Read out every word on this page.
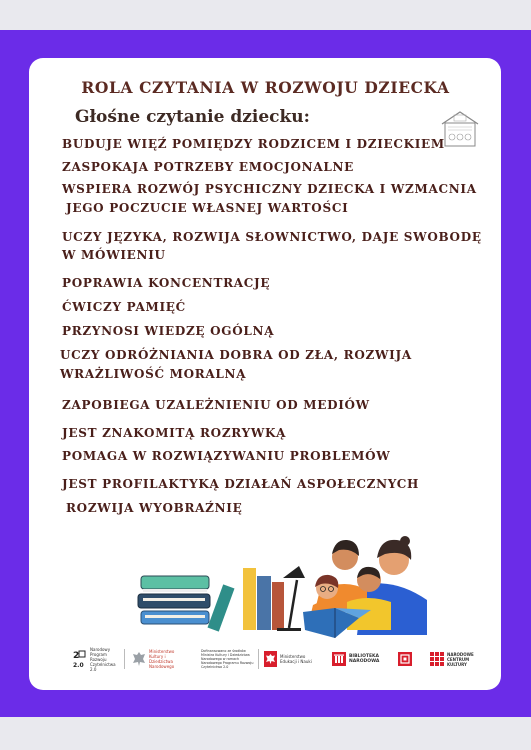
ROLA CZYTANIA W ROZWOJU DZIECKA
Głośne czytanie dziecku:
BUDUJE WIĘŹ POMIĘDZY RODZICEM I DZIECKIEM
ZASPOKAJA POTRZEBY EMOCJONALNE
WSPIERA ROZWÓJ PSYCHICZNY DZIECKA I WZMACNIA
JEGO POCZUCIE WŁASNEJ WARTOŚCI
UCZY JĘZYKA, ROZWIJA SŁOWNICTWO, DAJE SWOBODĘ
W MÓWIENIU
POPRAWIA KONCENTRACJĘ
ĆWICZY PAMIĘĆ
PRZYNOSI WIEDZĘ OGÓLNĄ
UCZY ODRÓŻNIANIA DOBRA OD ZŁA, ROZWIJA
WRAŻLIWOŚĆ MORALNĄ
ZAPOBIEGA UZALEŻNIENIU OD MEDIÓW
JEST ZNAKOMITĄ ROZRYWKĄ
POMAGA W ROZWIĄZYWANIU PROBLEMÓW
JEST PROFILAKTYKĄ DZIAŁAŃ ASPOŁECZNYCH
ROZWIJA WYOBRAŹNIĘ
2
2.0
Narodowy Program Rozwoju Czytelnictwa 2.0
Ministerstwo Kultury i Dziedzictwa Narodowego
Dofinansowano ze środków Ministra Kultury i Dziedzictwa Narodowego w ramach Narodowego Programu Rozwoju Czytelnictwa 2.0
Ministerstwo Edukacji i Nauki
BIBLIOTEKA NARODOWA
NARODOWE CENTRUM KULTURY
